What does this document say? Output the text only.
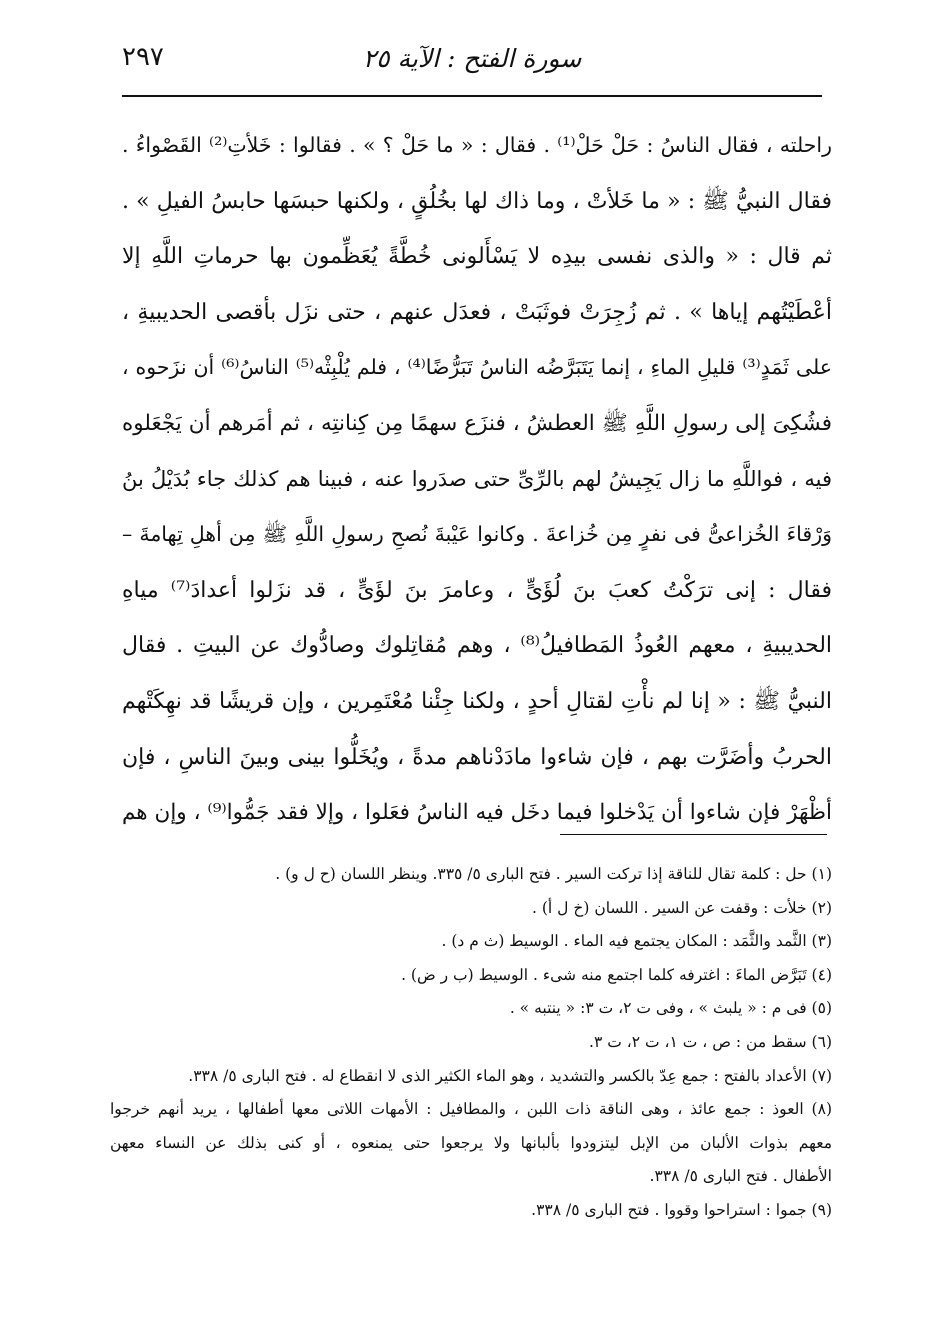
سورة الفتح : الآية ٢٥
٢٩٧
راحلته ، فقال الناسُ : حَلْ حَلْ⁽¹⁾ . فقال : « ما حَلْ ؟ » . فقالوا : خَلأتِ⁽²⁾ القَصْواءُ .
فقال النبيُّ ﷺ : « ما خَلأتْ ، وما ذاك لها بخُلُقٍ ، ولكنها حبسَها حابسُ الفيلِ » .
ثم قال : « والذى نفسى بيدِه لا يَسْأَلونى خُطَّةً يُعَظِّمون بها حرماتِ اللَّهِ إلا
أعْطَيْتُهم إياها » . ثم زُجِرَتْ فوثَبَتْ ، فعدَل عنهم ، حتى نزَل بأقصى الحديبيةِ ،
على ثَمَدٍ⁽³⁾ قليلِ الماءِ ، إنما يَتَبَرَّضُه الناسُ تَبَرُّضًا⁽⁴⁾ ، فلم يُلْبِثْه⁽⁵⁾ الناسُ⁽⁶⁾ أن نزَحوه ،
فشُكِىَ إلى رسولِ اللَّهِ ﷺ العطشُ ، فنزَع سهمًا مِن كِنانتِه ، ثم أمَرهم أن يَجْعَلوه
فيه ، فواللَّهِ ما زال يَجِيشُ لهم بالرِّىِّ حتى صدَروا عنه ، فبينا هم كذلك جاء بُدَيْلُ بنُ
وَرْقاءَ الخُزاعىُّ فى نفرٍ مِن خُزاعةَ . وكانوا عَيْبةَ نُصحِ رسولِ اللَّهِ ﷺ مِن أهلِ تِهامةَ –
فقال : إنى ترَكْتُ كعبَ بنَ لُؤَىٍّ ، وعامرَ بنَ لؤَىٍّ ، قد نزَلوا أعدادَ⁽⁷⁾ مياهِ
الحديبيةِ ، معهم العُوذُ المَطافيلُ⁽⁸⁾ ، وهم مُقاتِلوك وصادُّوك عن البيتِ . فقال
النبيُّ ﷺ : « إنا لم نأْتِ لقتالِ أحدٍ ، ولكنا جِئْنا مُعْتَمِرين ، وإن قريشًا قد نهِكَتْهم
الحربُ وأضَرَّت بهم ، فإن شاءوا مادَدْناهم مدةً ، ويُخَلُّوا بينى وبينَ الناسِ ، فإن
أظْهَرْ فإن شاءوا أن يَدْخلوا فيما دخَل فيه الناسُ فعَلوا ، وإلا فقد جَمُّوا⁽⁹⁾ ، وإن هم
(١) حل : كلمة تقال للناقة إذا تركت السير . فتح البارى ٥/ ٣٣٥. وينظر اللسان (ح ل و) .
(٢) خلأت : وقفت عن السير . اللسان (خ ل أ) .
(٣) الثَّمد والثَّمَد : المكان يجتمع فيه الماء . الوسيط (ث م د) .
(٤) تَبَرَّض الماءَ : اغترفه كلما اجتمع منه شىء . الوسيط (ب ر ض) .
(٥) فى م : « يلبث » ، وفى ت ٢، ت ٣: « ينتبه » .
(٦) سقط من : ص ، ت ١، ت ٢، ت ٣.
(٧) الأعداد بالفتح : جمع عِدّ بالكسر والتشديد ، وهو الماء الكثير الذى لا انقطاع له . فتح البارى ٥/ ٣٣٨.
(٨) العوذ : جمع عائذ ، وهى الناقة ذات اللبن ، والمطافيل : الأمهات اللاتى معها أطفالها ، يريد أنهم خرجوا
معهم بذوات الألبان من الإبل ليتزودوا بألبانها ولا يرجعوا حتى يمنعوه ، أو كنى بذلك عن النساء معهن
الأطفال . فتح البارى ٥/ ٣٣٨.
(٩) جموا : استراحوا وقووا . فتح البارى ٥/ ٣٣٨.
